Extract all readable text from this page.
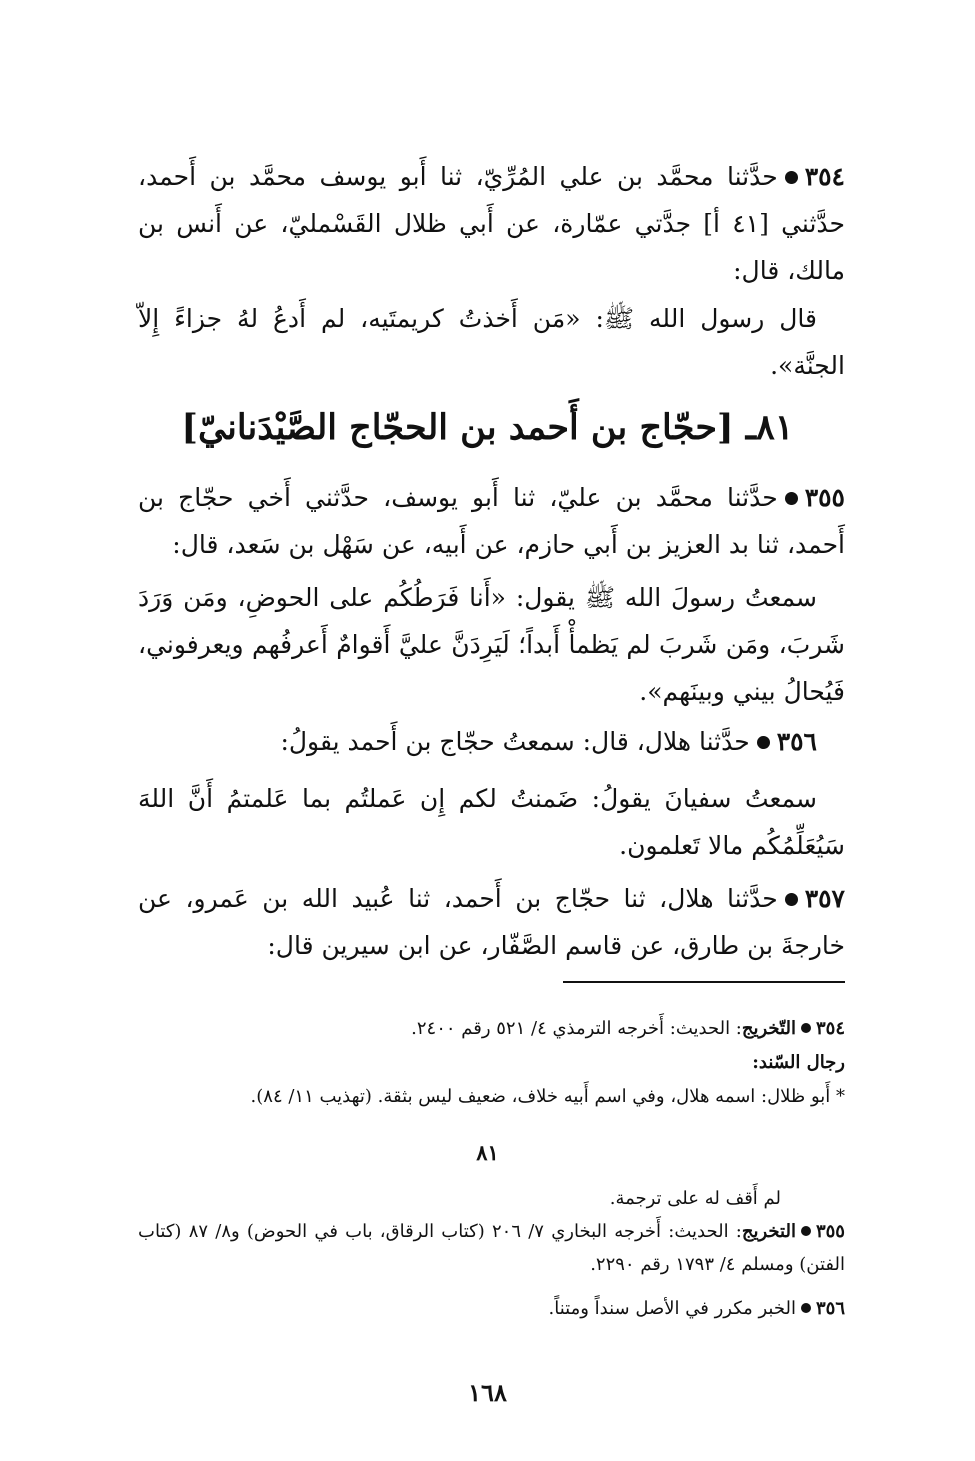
٣٥٤حدَّثنا محمَّد بن علي المُرِّيّ، ثنا أَبو يوسف محمَّد بن أَحمد، حدَّثني [٤١ أ] جدَّتي عمّارة، عن أَبي ظلال القَسْمليّ، عن أَنس بن مالك، قال:

قال رسول الله ﷺ: «مَن أَخذتُ كريمتَيه، لم أَدعُ لهُ جزاءً إِلاّ الجنَّة».

٨١ـ [حجّاج بن أَحمد بن الحجّاج الصَّيْدَنانيّ]

٣٥٥حدَّثنا محمَّد بن عليّ، ثنا أَبو يوسف، حدَّثني أَخي حجّاج بن أَحمد، ثنا بد العزيز بن أَبي حازم، عن أَبيه، عن سَهْل بن سَعد، قال:

سمعتُ رسولَ الله ﷺ يقول: «أَنا فَرَطُكُم على الحوضِ، ومَن وَرَدَ شَربَ، ومَن شَربَ لم يَظمأْ أَبداً؛ لَيَرِدَنَّ عليَّ أَقوامٌ أَعرفُهم ويعرفوني، فَيُحالُ بيني وبينَهم».

٣٥٦حدَّثنا هلال، قال: سمعتُ حجّاج بن أَحمد يقولُ:

سمعتُ سفيانَ يقولُ: ضَمنتُ لكم إِن عَملتُم بما عَلمتمُ أَنَّ اللهَ سَيُعَلِّمُكُم مالا تَعلمون.

٣٥٧حدَّثنا هلال، ثنا حجّاج بن أَحمد، ثنا عُبيد الله بن عَمرو، عن خارجةَ بن طارق، عن قاسم الصَّفّار، عن ابن سيرين قال:

٣٥٤التّخريج: الحديث: أَخرجه الترمذي ٤/ ٥٢١ رقم ٢٤٠٠.

رجال السّند:

* أَبو ظلال: اسمه هلال، وفي اسم أَبيه خلاف، ضعيف ليس بثقة. (تهذيب ١١/ ٨٤).

٨١

لم أَقف له على ترجمة.

٣٥٥التخريج: الحديث: أَخرجه البخاري ٧/ ٢٠٦ (كتاب الرقاق، باب في الحوض) و٨/ ٨٧ (كتاب الفتن) ومسلم ٤/ ١٧٩٣ رقم ٢٢٩٠.

٣٥٦الخبر مكرر في الأصل سنداً ومتناً.

١٦٨
